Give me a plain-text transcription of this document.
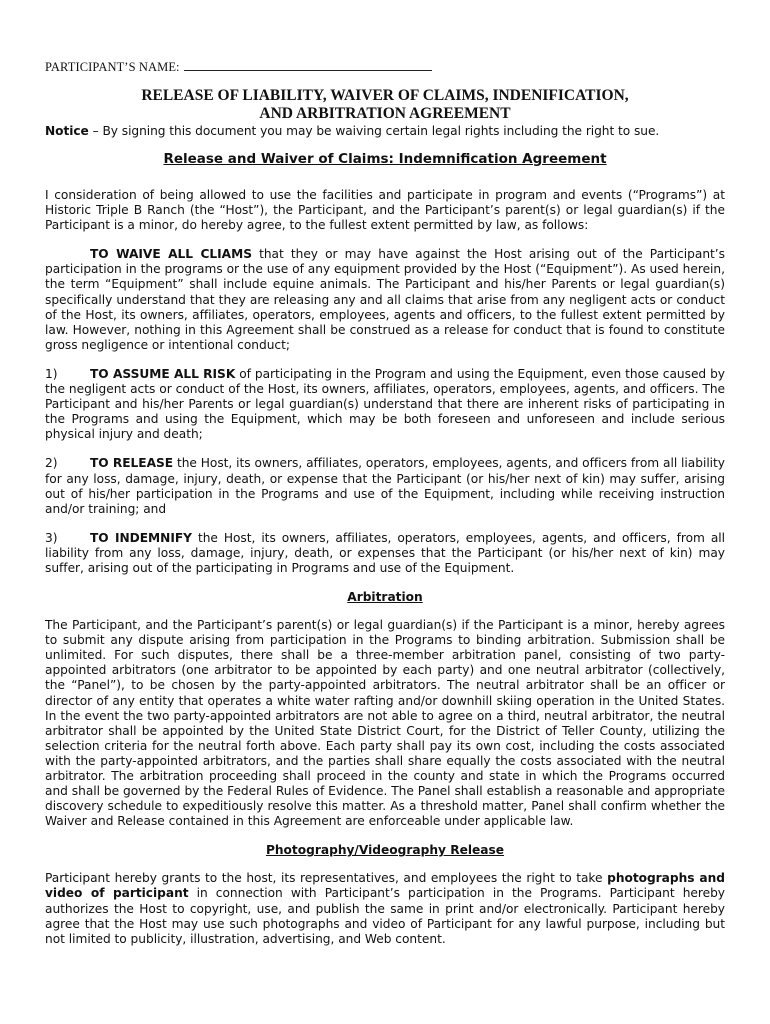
PARTICIPANT’S NAME:
RELEASE OF LIABILITY, WAIVER OF CLAIMS, INDENIFICATION,
AND ARBITRATION AGREEMENT
Notice – By signing this document you may be waiving certain legal rights including the right to sue.
Release and Waiver of Claims: Indemnification Agreement

I consideration of being allowed to use the facilities and participate in program and events (“Programs”) at Historic Triple B Ranch (the “Host”), the Participant, and the Participant’s parent(s) or legal guardian(s) if the Participant is a minor, do hereby agree, to the fullest extent permitted by law, as follows:

TO WAIVE ALL CLIAMS that they or may have against the Host arising out of the Participant’s participation in the programs or the use of any equipment provided by the Host (“Equipment”). As used herein, the term “Equipment” shall include equine animals. The Participant and his/her Parents or legal guardian(s) specifically understand that they are releasing any and all claims that arise from any negligent acts or conduct of the Host, its owners, affiliates, operators, employees, agents and officers, to the fullest extent permitted by law. However, nothing in this Agreement shall be construed as a release for conduct that is found to constitute gross negligence or intentional conduct;

1)	TO ASSUME ALL RISK of participating in the Program and using the Equipment, even those caused by the negligent acts or conduct of the Host, its owners, affiliates, operators, employees, agents, and officers. The Participant and his/her Parents or legal guardian(s) understand that there are inherent risks of participating in the Programs and using the Equipment, which may be both foreseen and unforeseen and include serious physical injury and death;

2)	TO RELEASE the Host, its owners, affiliates, operators, employees, agents, and officers from all liability for any loss, damage, injury, death, or expense that the Participant (or his/her next of kin) may suffer, arising out of his/her participation in the Programs and use of the Equipment, including while receiving instruction and/or training; and

3)	TO INDEMNIFY the Host, its owners, affiliates, operators, employees, agents, and officers, from all liability from any loss, damage, injury, death, or expenses that the Participant (or his/her next of kin) may suffer, arising out of the participating in Programs and use of the Equipment.

Arbitration

The Participant, and the Participant’s parent(s) or legal guardian(s) if the Participant is a minor, hereby agrees to submit any dispute arising from participation in the Programs to binding arbitration. Submission shall be unlimited. For such disputes, there shall be a three-member arbitration panel, consisting of two party-appointed arbitrators (one arbitrator to be appointed by each party) and one neutral arbitrator (collectively, the “Panel”), to be chosen by the party-appointed arbitrators. The neutral arbitrator shall be an officer or director of any entity that operates a white water rafting and/or downhill skiing operation in the United States. In the event the two party-appointed arbitrators are not able to agree on a third, neutral arbitrator, the neutral arbitrator shall be appointed by the United State District Court, for the District of Teller County, utilizing the selection criteria for the neutral forth above. Each party shall pay its own cost, including the costs associated with the party-appointed arbitrators, and the parties shall share equally the costs associated with the neutral arbitrator. The arbitration proceeding shall proceed in the county and state in which the Programs occurred and shall be governed by the Federal Rules of Evidence. The Panel shall establish a reasonable and appropriate discovery schedule to expeditiously resolve this matter. As a threshold matter, Panel shall confirm whether the Waiver and Release contained in this Agreement are enforceable under applicable law.

Photography/Videography Release

Participant hereby grants to the host, its representatives, and employees the right to take photographs and video of participant in connection with Participant’s participation in the Programs. Participant hereby authorizes the Host to copyright, use, and publish the same in print and/or electronically. Participant hereby agree that the Host may use such photographs and video of Participant for any lawful purpose, including but not limited to publicity, illustration, advertising, and Web content.
